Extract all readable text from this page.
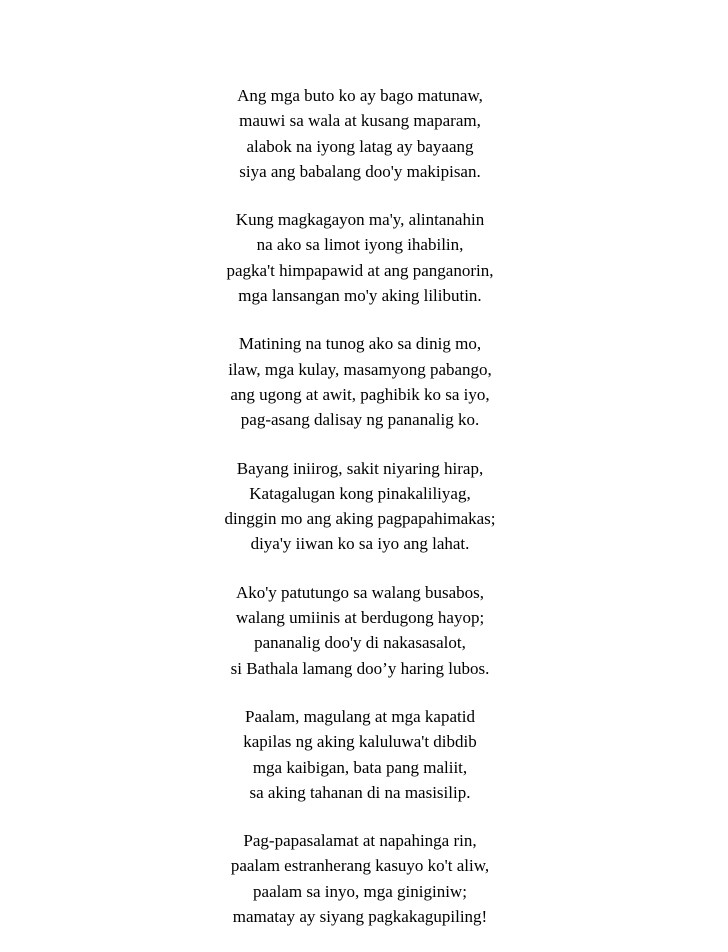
Ang mga buto ko ay bago matunaw,
mauwi sa wala at kusang maparam,
alabok na iyong latag ay bayaang
siya ang babalang doo'y makipisan.
Kung magkagayon ma'y, alintanahin
na ako sa limot iyong ihabilin,
pagka't himpapawid at ang panganorin,
mga lansangan mo'y aking lilibutin.
Matining na tunog ako sa dinig mo,
ilaw, mga kulay, masamyong pabango,
ang ugong at awit, paghibik ko sa iyo,
pag-asang dalisay ng pananalig ko.
Bayang iniirog, sakit niyaring hirap,
Katagalugan kong pinakaliliyag,
dinggin mo ang aking pagpapahimakas;
diya'y iiwan ko sa iyo ang lahat.
Ako'y patutungo sa walang busabos,
walang umiinis at berdugong hayop;
pananalig doo'y di nakasasalot,
si Bathala lamang doo’y haring lubos.
Paalam, magulang at mga kapatid
kapilas ng aking kaluluwa't dibdib
mga kaibigan, bata pang maliit,
sa aking tahanan di na masisilip.
Pag-papasalamat at napahinga rin,
paalam estranherang kasuyo ko't aliw,
paalam sa inyo, mga giniginiw;
mamatay ay siyang pagkakagupiling!
